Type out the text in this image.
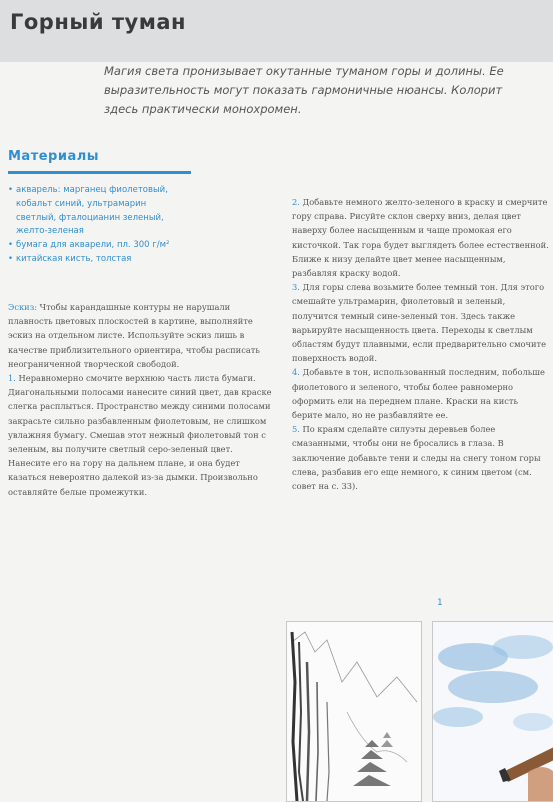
Горный туман
Магия света пронизывает окутанные туманом горы и долины. Ее выразительность могут показать гармоничные нюансы. Колорит здесь практически монохромен.
Материалы
• акварель: марганец фиолетовый,
кобальт синий, ультрамарин
светлый, фталоцианин зеленый,
желто-зеленая
• бумага для акварели, пл. 300 г/м²
• китайская кисть, толстая

Эскиз: Чтобы карандашные контуры не нарушали плавность цветовых плоскостей в картине, выполняйте эскиз на отдельном листе. Используйте эскиз лишь в качестве приблизительного ориентира, чтобы расписать неограниченной творческой свободой.

1. Неравномерно смочите верхнюю часть листа бумаги. Диагональными полосами нанесите синий цвет, дав краске слегка расплыться. Пространство между синими полосами закрасьте сильно разбавленным фиолетовым, не слишком увлажняя бумагу. Смешав этот нежный фиолетовый тон с зеленым, вы получите светлый серо-зеленый цвет. Нанесите его на гору на дальнем плане, и она будет казаться невероятно далекой из-за дымки. Произвольно оставляйте белые промежутки.

2. Добавьте немного желто-зеленого в краску и смерчите гору справа. Рисуйте склон сверху вниз, делая цвет наверху более насыщенным и чаще промокая его кисточкой. Так гора будет выглядеть более естественной. Ближе к низу делайте цвет менее насыщенным, разбавляя краску водой.

3. Для горы слева возьмите более темный тон. Для этого смешайте ультрамарин, фиолетовый и зеленый, получится темный сине-зеленый тон. Здесь также варьируйте насыщенность цвета. Переходы к светлым областям будут плавными, если предварительно смочите поверхность водой.

4. Добавьте в тон, использованный последним, побольше фиолетового и зеленого, чтобы более равномерно оформить ели на переднем плане. Краски на кисть берите мало, но не разбавляйте ее.

5. По краям сделайте силуэты деревьев более смазанными, чтобы они не бросались в глаза. В заключение добавьте тени и следы на снегу тоном горы слева, разбавив его еще немного, к синим цветом (см. совет на с. 33).

1
